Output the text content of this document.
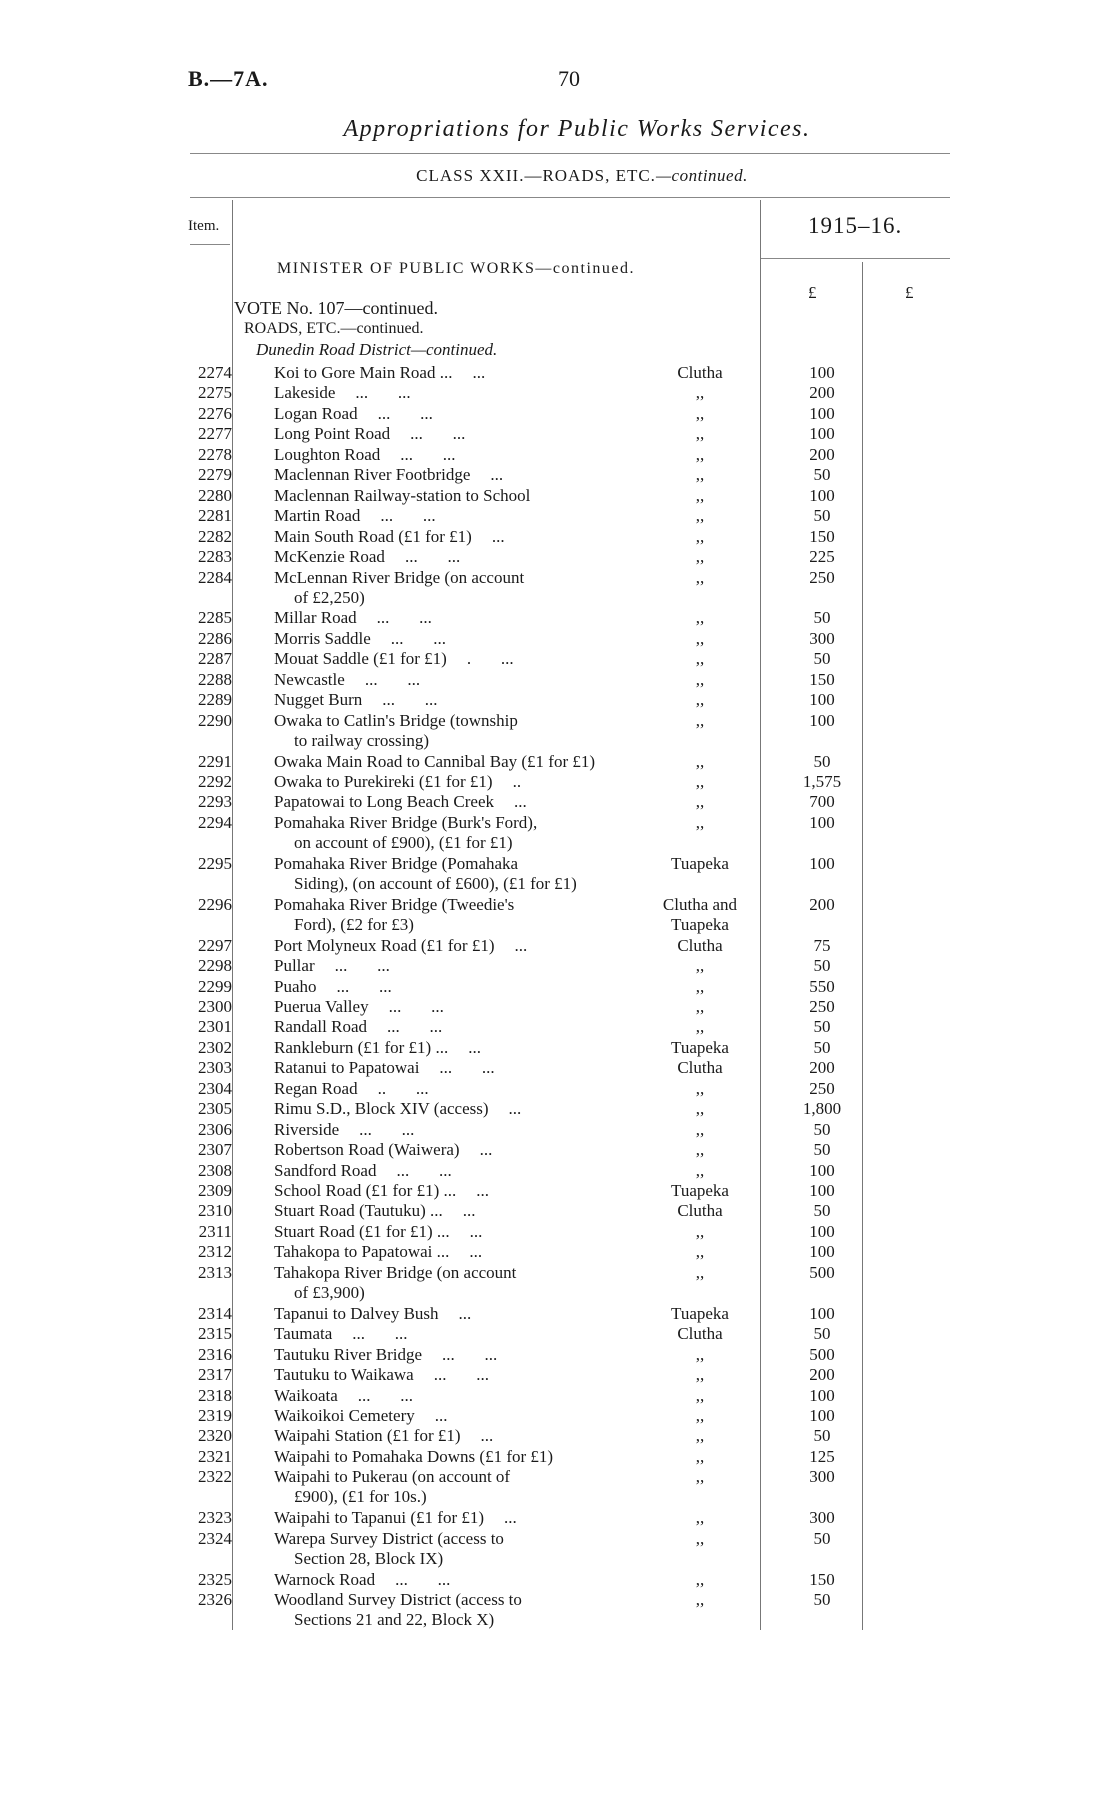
B.—7A.	70
Appropriations for Public Works Services.
CLASS XXII.—ROADS, ETC.—continued.
Item.	1915–16.
MINISTER OF PUBLIC WORKS—continued.
£	£
VOTE No. 107—continued.
ROADS, ETC.—continued.
Dunedin Road District—continued.
2274 Koi to Gore Main Road ... ...	Clutha	100
2275 Lakeside ...       ...	,,	200
2276 Logan Road ...       ...	,,	100
2277 Long Point Road ...       ...	,,	100
2278 Loughton Road ...       ...	,,	200
2279 Maclennan River Footbridge ...	,,	50
2280 Maclennan Railway-station to School	,,	100
2281 Martin Road ...       ...	,,	50
2282 Main South Road (£1 for £1) ...	,,	150
2283 McKenzie Road ...       ...	,,	225
2284 McLennan River Bridge (on account
of £2,250)
,,	250
2285 Millar Road ...       ...	,,	50
2286 Morris Saddle ...       ...	,,	300
2287 Mouat Saddle (£1 for £1) .       ...	,,	50
2288 Newcastle ...       ...	,,	150
2289 Nugget Burn ...       ...	,,	100
2290 Owaka to Catlin's Bridge (township
to railway crossing)
,,	100
2291 Owaka Main Road to Cannibal Bay (£1 for £1)	,,	50
2292 Owaka to Purekireki (£1 for £1) ..	,,	1,575
2293 Papatowai to Long Beach Creek ...	,,	700
2294 Pomahaka River Bridge (Burk's Ford),
on account of £900), (£1 for £1)
,,	100
2295 Pomahaka River Bridge (Pomahaka
Siding), (on account of £600), (£1 for £1)
Tuapeka	100
2296 Pomahaka River Bridge (Tweedie's
Ford), (£2 for £3)
Clutha and
Tuapeka
200
2297 Port Molyneux Road (£1 for £1) ...	Clutha	75
2298 Pullar ...       ...	,,	50
2299 Puaho ...       ...	,,	550
2300 Puerua Valley ...       ...	,,	250
2301 Randall Road ...       ...	,,	50
2302 Rankleburn (£1 for £1) ... ...	Tuapeka	50
2303 Ratanui to Papatowai ...       ...	Clutha	200
2304 Regan Road ..       ...	,,	250
2305 Rimu S.D., Block XIV (access) ...	,,	1,800
2306 Riverside ...       ...	,,	50
2307 Robertson Road (Waiwera) ...	,,	50
2308 Sandford Road ...       ...	,,	100
2309 School Road (£1 for £1) ... ...	Tuapeka	100
2310 Stuart Road (Tautuku) ... ...	Clutha	50
2311 Stuart Road (£1 for £1) ... ...	,,	100
2312 Tahakopa to Papatowai ... ...	,,	100
2313 Tahakopa River Bridge (on account
of £3,900)
,,	500
2314 Tapanui to Dalvey Bush ...	Tuapeka	100
2315 Taumata ...       ...	Clutha	50
2316 Tautuku River Bridge ...       ...	,,	500
2317 Tautuku to Waikawa ...       ...	,,	200
2318 Waikoata ...       ...	,,	100
2319 Waikoikoi Cemetery ...	,,	100
2320 Waipahi Station (£1 for £1) ...	,,	50
2321 Waipahi to Pomahaka Downs (£1 for £1)	,,	125
2322 Waipahi to Pukerau (on account of
£900), (£1 for 10s.)
,,	300
2323 Waipahi to Tapanui (£1 for £1) ...	,,	300
2324 Warepa Survey District (access to
Section 28, Block IX)
,,	50
2325 Warnock Road ...       ...	,,	150
2326 Woodland Survey District (access to
Sections 21 and 22, Block X)
,,	50
